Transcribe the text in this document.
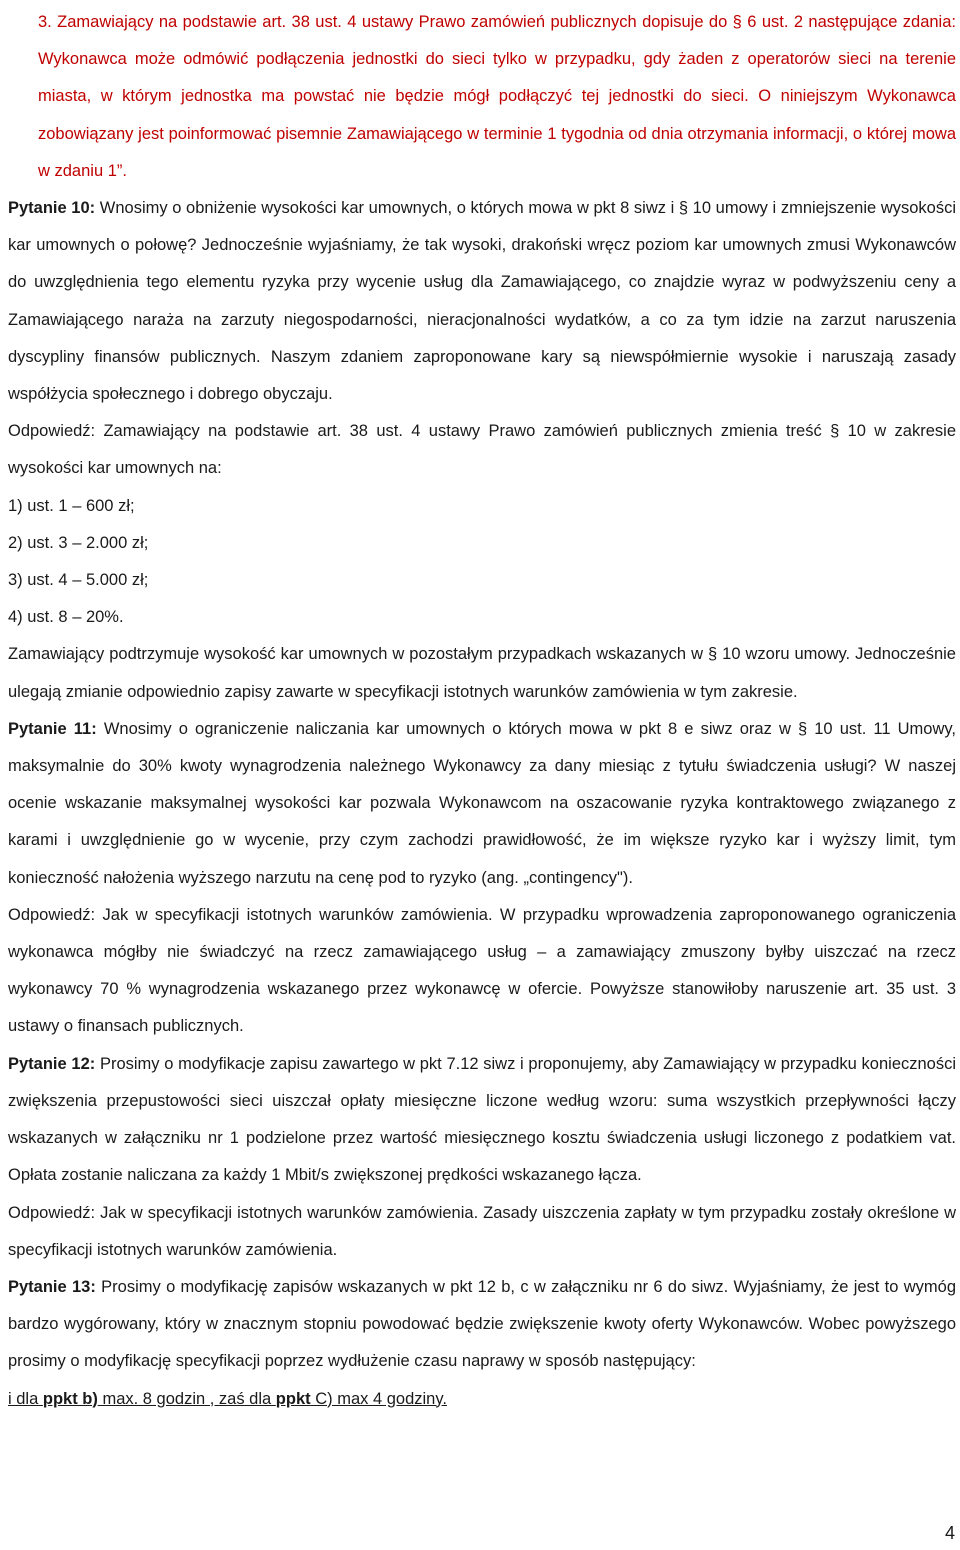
3. Zamawiający na podstawie art. 38 ust. 4 ustawy Prawo zamówień publicznych dopisuje do § 6 ust. 2 następujące zdania: Wykonawca może odmówić podłączenia jednostki do sieci tylko w przypadku, gdy żaden z operatorów sieci na terenie miasta, w którym jednostka ma powstać nie będzie mógł podłączyć tej jednostki do sieci. O niniejszym Wykonawca zobowiązany jest poinformować pisemnie Zamawiającego w terminie 1 tygodnia od dnia otrzymania informacji, o której mowa w zdaniu 1”.

Pytanie 10: Wnosimy o obniżenie wysokości kar umownych, o których mowa w pkt 8 siwz i § 10 umowy i zmniejszenie wysokości kar umownych o połowę? Jednocześnie wyjaśniamy, że tak wysoki, drakoński wręcz poziom kar umownych zmusi Wykonawców do uwzględnienia tego elementu ryzyka przy wycenie usług dla Zamawiającego, co znajdzie wyraz w podwyższeniu ceny a Zamawiającego naraża na zarzuty niegospodarności, nieracjonalności wydatków, a co za tym idzie na zarzut naruszenia dyscypliny finansów publicznych. Naszym zdaniem zaproponowane kary są niewspółmiernie wysokie i naruszają zasady współżycia społecznego i dobrego obyczaju.

Odpowiedź: Zamawiający na podstawie art. 38 ust. 4 ustawy Prawo zamówień publicznych zmienia treść § 10 w zakresie wysokości kar umownych na:

1) ust. 1 – 600 zł;

2) ust. 3 – 2.000 zł;

3) ust. 4 – 5.000 zł;

4) ust. 8 – 20%.

Zamawiający podtrzymuje wysokość kar umownych w pozostałym przypadkach wskazanych w § 10 wzoru umowy. Jednocześnie ulegają zmianie odpowiednio zapisy zawarte w specyfikacji istotnych warunków zamówienia w tym zakresie.

Pytanie 11: Wnosimy o ograniczenie naliczania kar umownych o których mowa w pkt 8 e siwz oraz w § 10 ust. 11 Umowy, maksymalnie do 30% kwoty wynagrodzenia należnego Wykonawcy za dany miesiąc z tytułu świadczenia usługi? W naszej ocenie wskazanie maksymalnej wysokości kar pozwala Wykonawcom na oszacowanie ryzyka kontraktowego związanego z karami i uwzględnienie go w wycenie, przy czym zachodzi prawidłowość, że im większe ryzyko kar i wyższy limit, tym konieczność nałożenia wyższego narzutu na cenę pod to ryzyko (ang. „contingency").

Odpowiedź: Jak w specyfikacji istotnych warunków zamówienia. W przypadku wprowadzenia zaproponowanego ograniczenia wykonawca mógłby nie świadczyć na rzecz zamawiającego usług – a zamawiający zmuszony byłby uiszczać na rzecz wykonawcy 70 % wynagrodzenia wskazanego przez wykonawcę w ofercie. Powyższe stanowiłoby naruszenie art. 35 ust. 3 ustawy o finansach publicznych.

Pytanie 12: Prosimy o modyfikacje zapisu zawartego w pkt 7.12 siwz i proponujemy, aby Zamawiający w przypadku konieczności zwiększenia przepustowości sieci uiszczał opłaty miesięczne liczone według wzoru: suma wszystkich przepływności łączy wskazanych w załączniku nr 1 podzielone przez wartość miesięcznego kosztu świadczenia usługi liczonego z podatkiem vat. Opłata zostanie naliczana za każdy 1 Mbit/s zwiększonej prędkości wskazanego łącza.

Odpowiedź: Jak w specyfikacji istotnych warunków zamówienia. Zasady uiszczenia zapłaty w tym przypadku zostały określone w specyfikacji istotnych warunków zamówienia.

Pytanie 13: Prosimy o modyfikację zapisów wskazanych w pkt 12 b, c w załączniku nr 6 do siwz. Wyjaśniamy, że jest to wymóg bardzo wygórowany, który w znacznym stopniu powodować będzie zwiększenie kwoty oferty Wykonawców. Wobec powyższego prosimy o modyfikację specyfikacji poprzez wydłużenie czasu naprawy w sposób następujący:

i dla ppkt b) max. 8 godzin , zaś dla ppkt C) max 4 godziny.

4
